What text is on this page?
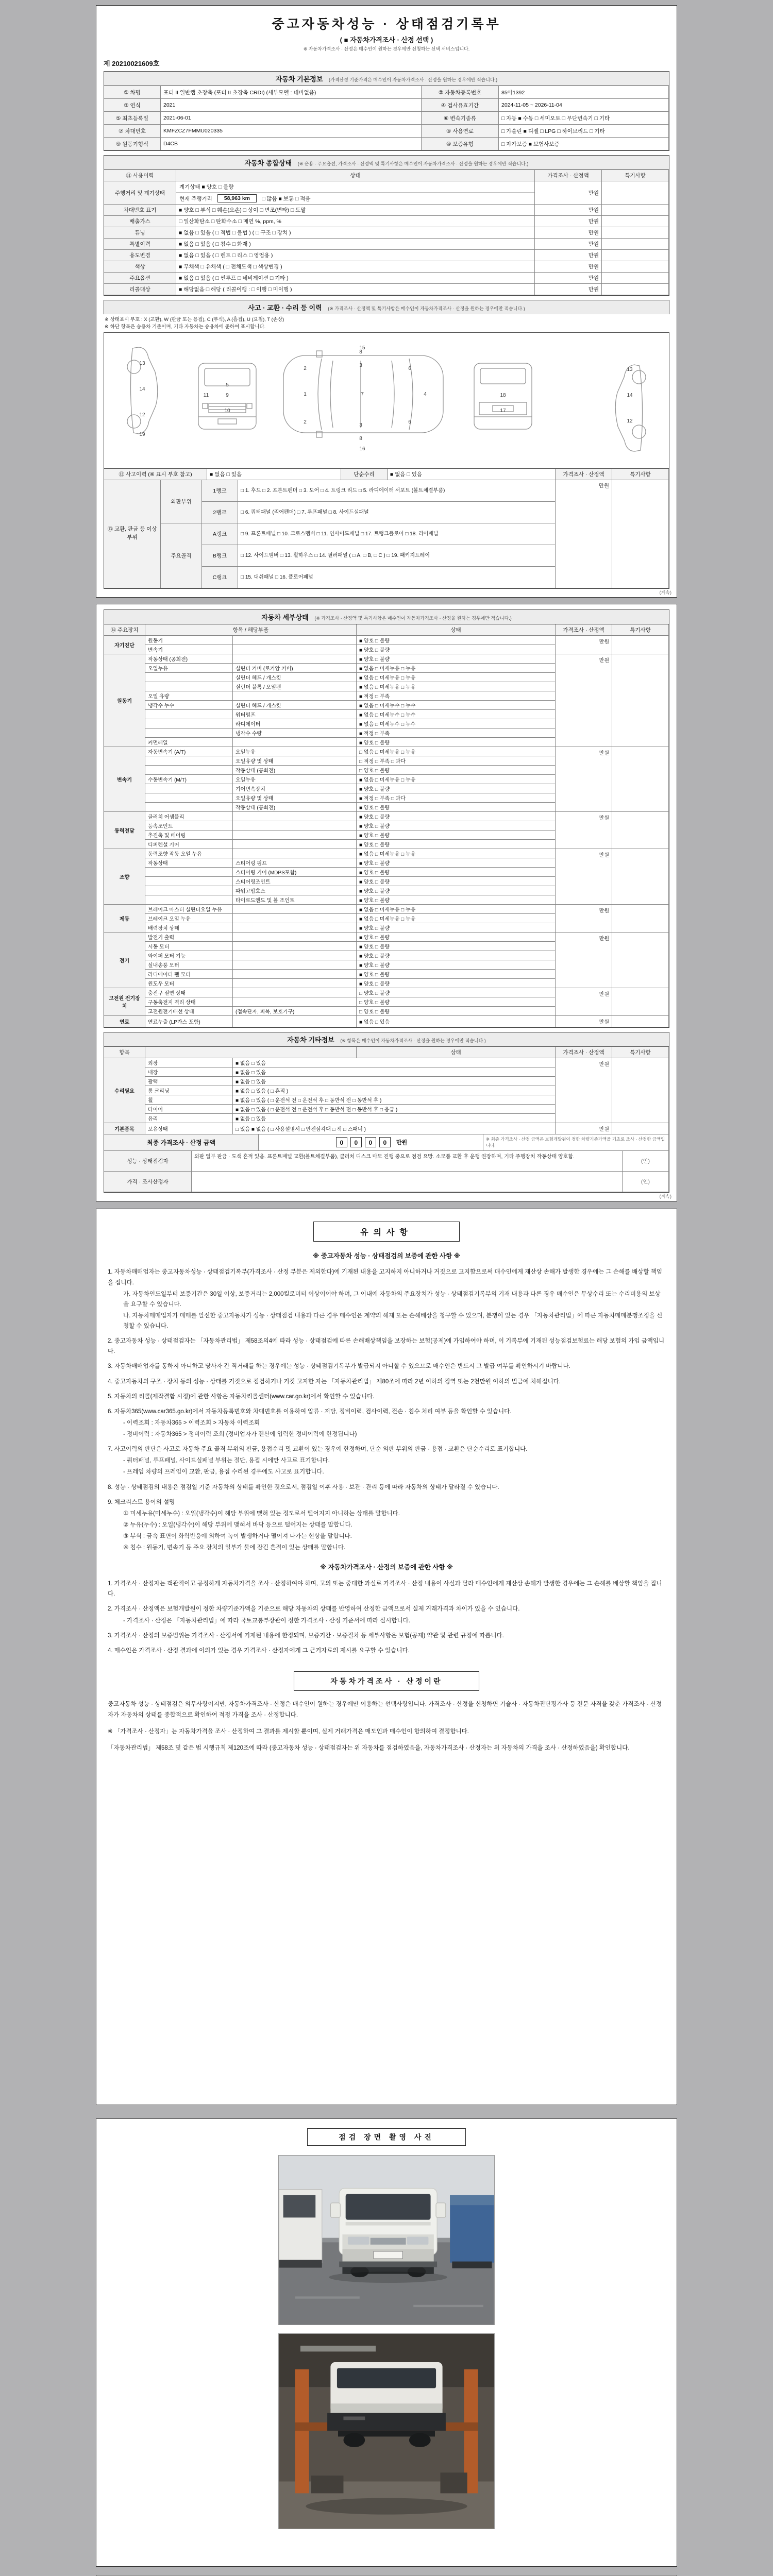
중고자동차성능 · 상태점검기록부
( ■ 자동차가격조사 · 산정 선택 )
※ 자동차가격조사 · 산정은 매수인이 원하는 경우에만 신청하는 선택 서비스입니다.
제 20210021609호
자동차 기본정보 (가격산정 기준가격은 매수인이 자동차가격조사 · 산정을 원하는 경우에만 적습니다.)
① 차명	포터 II 일반캡 초장축 (포터 II 초장축 CRDI) (세부모델 : 네비없음)	② 자동차등록번호	85아1392
③ 연식	2021	④ 검사유효기간	2024-11-05 ~ 2026-11-04
⑤ 최초등록일	2021-06-01	⑥ 변속기종류	□ 자동 ■ 수동 □ 세미오토 □ 무단변속기 □ 기타
⑦ 차대번호	KMFZCZ7FMMU020335	⑧ 사용연료	□ 가솔린 ■ 디젤 □ LPG □ 하이브리드 □ 기타
⑨ 원동기형식	D4CB	⑩ 보증유형	□ 자가보증 ■ 보험사보증
자동차 종합상태 (※ 운용 · 주요옵션, 가격조사 · 산정액 및 특기사항은 매수인이 자동차가격조사 · 산정을 원하는 경우에만 적습니다.)
⑪ 사용이력	상태	가격조사 · 산정액	특기사항
주행거리 및 계기상태
계기상태 ■ 양호 □ 불량
현재 주행거리	58,963 km	□ 많음 ■ 보통 □ 적음
만원
차대번호 표기	■ 양호 □ 부식 □ 훼손(오손) □ 상이 □ 변조(변타) □ 도말	만원
배출가스	□ 일산화탄소 □ 탄화수소 □ 매연 %, ppm, %	만원
튜닝	■ 없음 □ 있음 ( □ 적법 □ 불법 ) ( □ 구조 □ 장치 )	만원
특별이력	■ 없음 □ 있음 ( □ 침수 □ 화재 )	만원
용도변경	■ 없음 □ 있음 ( □ 렌트 □ 리스 □ 영업용 )	만원
색상	■ 무채색 □ 유채색 ( □ 전체도색 □ 색상변경 )	만원
주요옵션	■ 없음 □ 있음 ( □ 썬루프 □ 네비게이션 □ 기타 )	만원
리콜대상	■ 해당없음 □ 해당 ( 리콜이행 : □ 이행 □ 미이행 )	만원
사고 · 교환 · 수리 등 이력 (※ 가격조사 · 산정액 및 특기사항은 매수인이 자동차가격조사 · 산정을 원하는 경우에만 적습니다.)
※ 상태표시 부호 : X (교환), W (판금 또는 용접), C (부식), A (흠집), U (요철), T (손상)
※ 하단 항목은 승용차 기준이며, 기타 자동차는 승용차에 준하여 표시합니다.
1
2
2
3
3
4
6
6
7
8
8
9
5
10
11	18
17
13
14
12
19
13
14
12
15
16
⑫ 사고이력 (※ 표시 부호 참고)	■ 없음 □ 있음	단순수리	■ 없음 □ 있음	가격조사 · 산정액	특기사항
⑬ 교환, 판금 등 이상 부위
외판부위
1랭크	□ 1. 후드 □ 2. 프론트펜더 □ 3. 도어 □ 4. 트렁크 리드 □ 5. 라디에이터 서포트 (볼트체결부품)
2랭크	□ 6. 쿼터패널 (리어펜더) □ 7. 루프패널 □ 8. 사이드실패널
주요골격
A랭크	□ 9. 프론트패널 □ 10. 크로스멤버 □ 11. 인사이드패널 □ 17. 트렁크플로어 □ 18. 리어패널
B랭크	□ 12. 사이드멤버 □ 13. 휠하우스 □ 14. 필러패널 ( □ A, □ B, □ C ) □ 19. 패키지트레이
C랭크	□ 15. 대쉬패널 □ 16. 플로어패널
만원
(계속)
자동차 세부상태 (※ 가격조사 · 산정액 및 특기사항은 매수인이 자동차가격조사 · 산정을 원하는 경우에만 적습니다.)
⑭ 주요장치	항목 / 해당부품	상태	가격조사 · 산정액	특기사항
자기진단
원동기	■ 양호 □ 불량
변속기	■ 양호 □ 불량
만원
원동기
작동상태 (공회전)	■ 양호 □ 불량
오일누유	실린더 커버 (로커암 커버)	■ 없음 □ 미세누유 □ 누유
실린더 헤드 / 개스킷	■ 없음 □ 미세누유 □ 누유
실린더 블록 / 오일팬	■ 없음 □ 미세누유 □ 누유
오일 유량	■ 적정 □ 부족
냉각수 누수	실린더 헤드 / 개스킷	■ 없음 □ 미세누수 □ 누수
워터펌프	■ 없음 □ 미세누수 □ 누수
라디에이터	■ 없음 □ 미세누수 □ 누수
냉각수 수량	■ 적정 □ 부족
커먼레일	■ 양호 □ 불량
만원
변속기
자동변속기 (A/T)	오일누유	□ 없음 □ 미세누유 □ 누유
오일유량 및 상태	□ 적정 □ 부족 □ 과다
작동상태 (공회전)	□ 양호 □ 불량
수동변속기 (M/T)	오일누유	■ 없음 □ 미세누유 □ 누유
기어변속장치	■ 양호 □ 불량
오일유량 및 상태	■ 적정 □ 부족 □ 과다
작동상태 (공회전)	■ 양호 □ 불량
만원
동력전달
클러치 어셈블리	■ 양호 □ 불량
등속조인트	■ 양호 □ 불량
추진축 및 베어링	■ 양호 □ 불량
디퍼렌셜 기어	■ 양호 □ 불량
만원
조향
동력조향 작동 오일 누유	■ 없음 □ 미세누유 □ 누유
작동상태	스티어링 펌프	■ 양호 □ 불량
스티어링 기어 (MDPS포함)	■ 양호 □ 불량
스티어링조인트	■ 양호 □ 불량
파워고압호스	■ 양호 □ 불량
타이로드엔드 및 볼 조인트	■ 양호 □ 불량
만원
제동
브레이크 마스터 실린더오일 누유	■ 없음 □ 미세누유 □ 누유
브레이크 오일 누유	■ 없음 □ 미세누유 □ 누유
배력장치 상태	■ 양호 □ 불량
만원
전기
발전기 출력	■ 양호 □ 불량
시동 모터	■ 양호 □ 불량
와이퍼 모터 기능	■ 양호 □ 불량
실내송풍 모터	■ 양호 □ 불량
라디에이터 팬 모터	■ 양호 □ 불량
윈도우 모터	■ 양호 □ 불량
만원
고전원 전기장치
충전구 절연 상태	□ 양호 □ 불량
구동축전지 격리 상태	□ 양호 □ 불량
고전원전기배선 상태	(접속단자, 피복, 보호기구)	□ 양호 □ 불량
만원
연료	연료누출 (LP가스 포함)	■ 없음 □ 있음	만원
자동차 기타정보 (※ 항목은 매수인이 자동차가격조사 · 산정을 원하는 경우에만 적습니다.)
항목	상태	가격조사 · 산정액	특기사항
수리필요
외장	■ 없음 □ 있음
내장	■ 없음 □ 있음
광택	■ 없음 □ 있음
룸 크리닝	■ 없음 □ 있음 ( □ 흔적 )
휠	■ 없음 □ 있음 ( □ 운전석 전 □ 운전석 후 □ 동반석 전 □ 동반석 후 )
타이어	■ 없음 □ 있음 ( □ 운전석 전 □ 운전석 후 □ 동반석 전 □ 동반석 후 □ 응급 )
유리	■ 없음 □ 있음
만원
기본품목	보유상태	□ 있음 ■ 없음 ( □ 사용설명서 □ 안전삼각대 □ 잭 □ 스패너 )	만원
최종 가격조사 · 산정 금액	0 0 0 0	만원
※ 최종 가격조사 · 산정 금액은 보험개발원이 정한 차량기준가액을 기초로 조사 · 산정한 금액입니다.
성능 · 상태점검자
외판 일부 판금 · 도색 흔적 있음. 프론트패널 교환(볼트체결부품), 클러치 디스크 마모 진행 중으로 점검 요망. 소모품 교환 후 운행 권장하며, 기타 주행장치 작동상태 양호함.
(인)
가격 · 조사산정자	(인)
(계속)
유의사항
※ 중고자동차 성능 · 상태점검의 보증에 관한 사항 ※
1. 자동차매매업자는 중고자동차성능 · 상태점검기록부(가격조사 · 산정 부분은 제외한다)에 기재된 내용을 고지하지 아니하거나 거짓으로 고지함으로써 매수인에게 재산상 손해가 발생한 경우에는 그 손해를 배상할 책임을 집니다.
가. 자동차인도일부터 보증기간은 30일 이상, 보증거리는 2,000킬로미터 이상이어야 하며, 그 이내에 자동차의 주요장치가 성능 · 상태점검기록부의 기재 내용과 다른 경우 매수인은 무상수리 또는 수리비용의 보상을 요구할 수 있습니다.
나. 자동차매매업자가 매매를 알선한 중고자동차가 성능 · 상태점검 내용과 다른 경우 매수인은 계약의 해제 또는 손해배상을 청구할 수 있으며, 분쟁이 있는 경우 「자동차관리법」에 따른 자동차매매분쟁조정을 신청할 수 있습니다.
2. 중고자동차 성능 · 상태점검자는 「자동차관리법」 제58조의4에 따라 성능 · 상태점검에 따른 손해배상책임을 보장하는 보험(공제)에 가입하여야 하며, 이 기록부에 기재된 성능점검보험료는 해당 보험의 가입 금액입니다.
3. 자동차매매업자를 통하지 아니하고 당사자 간 직거래를 하는 경우에는 성능 · 상태점검기록부가 발급되지 아니할 수 있으므로 매수인은 반드시 그 발급 여부를 확인하시기 바랍니다.
4. 중고자동차의 구조 · 장치 등의 성능 · 상태를 거짓으로 점검하거나 거짓 고지한 자는 「자동차관리법」 제80조에 따라 2년 이하의 징역 또는 2천만원 이하의 벌금에 처해집니다.
5. 자동차의 리콜(제작결함 시정)에 관한 사항은 자동차리콜센터(www.car.go.kr)에서 확인할 수 있습니다.
6. 자동차365(www.car365.go.kr)에서 자동차등록번호와 차대번호를 이용하여 압류 · 저당, 정비이력, 검사이력, 전손 · 침수 처리 여부 등을 확인할 수 있습니다.
- 이력조회 : 자동차365 > 이력조회 > 자동차 이력조회
- 정비이력 : 자동차365 > 정비이력 조회 (정비업자가 전산에 입력한 정비이력에 한정됩니다)
7. 사고이력의 판단은 사고로 자동차 주요 골격 부위의 판금, 용접수리 및 교환이 있는 경우에 한정하며, 단순 외판 부위의 판금 · 용접 · 교환은 단순수리로 표기합니다.
- 쿼터패널, 루프패널, 사이드실패널 부위는 절단, 용접 시에만 사고로 표기합니다.
- 프레임 차량의 프레임이 교환, 판금, 용접 수리된 경우에도 사고로 표기합니다.
8. 성능 · 상태점검의 내용은 점검일 기준 자동차의 상태를 확인한 것으로서, 점검일 이후 사용 · 보관 · 관리 등에 따라 자동차의 상태가 달라질 수 있습니다.
9. 체크리스트 용어의 설명
① 미세누유(미세누수) : 오일(냉각수)이 해당 부위에 맺혀 있는 정도로서 떨어지지 아니하는 상태를 말합니다.
② 누유(누수) : 오일(냉각수)이 해당 부위에 맺혀서 바닥 등으로 떨어지는 상태를 말합니다.
③ 부식 : 금속 표면이 화학반응에 의하여 녹이 발생하거나 떨어져 나가는 현상을 말합니다.
④ 침수 : 원동기, 변속기 등 주요 장치의 일부가 물에 잠긴 흔적이 있는 상태를 말합니다.
※ 자동차가격조사 · 산정의 보증에 관한 사항 ※
1. 가격조사 · 산정자는 객관적이고 공정하게 자동차가격을 조사 · 산정하여야 하며, 고의 또는 중대한 과실로 가격조사 · 산정 내용이 사실과 달라 매수인에게 재산상 손해가 발생한 경우에는 그 손해를 배상할 책임을 집니다.
2. 가격조사 · 산정액은 보험개발원이 정한 차량기준가액을 기준으로 해당 자동차의 상태를 반영하여 산정한 금액으로서 실제 거래가격과 차이가 있을 수 있습니다.
- 가격조사 · 산정은 「자동차관리법」에 따라 국토교통부장관이 정한 가격조사 · 산정 기준서에 따라 실시합니다.
3. 가격조사 · 산정의 보증범위는 가격조사 · 산정서에 기재된 내용에 한정되며, 보증기간 · 보증절차 등 세부사항은 보험(공제) 약관 및 관련 규정에 따릅니다.
4. 매수인은 가격조사 · 산정 결과에 이의가 있는 경우 가격조사 · 산정자에게 그 근거자료의 제시를 요구할 수 있습니다.
자동차가격조사 · 산정이란
중고자동차 성능 · 상태점검은 의무사항이지만, 자동차가격조사 · 산정은 매수인이 원하는 경우에만 이용하는 선택사항입니다. 가격조사 · 산정을 신청하면 기술사 · 자동차진단평가사 등 전문 자격을 갖춘 가격조사 · 산정자가 자동차의 상태를 종합적으로 확인하여 적정 가격을 조사 · 산정합니다.
※ 「가격조사 · 산정자」는 자동차가격을 조사 · 산정하여 그 결과를 제시할 뿐이며, 실제 거래가격은 매도인과 매수인이 합의하여 결정합니다.
「자동차관리법」 제58조 및 같은 법 시행규칙 제120조에 따라 (중고자동차 성능 · 상태점검자는 위 자동차를 점검하였음을, 자동차가격조사 · 산정자는 위 자동차의 가격을 조사 · 산정하였음을) 확인합니다.
점검 장면 촬영 사진
